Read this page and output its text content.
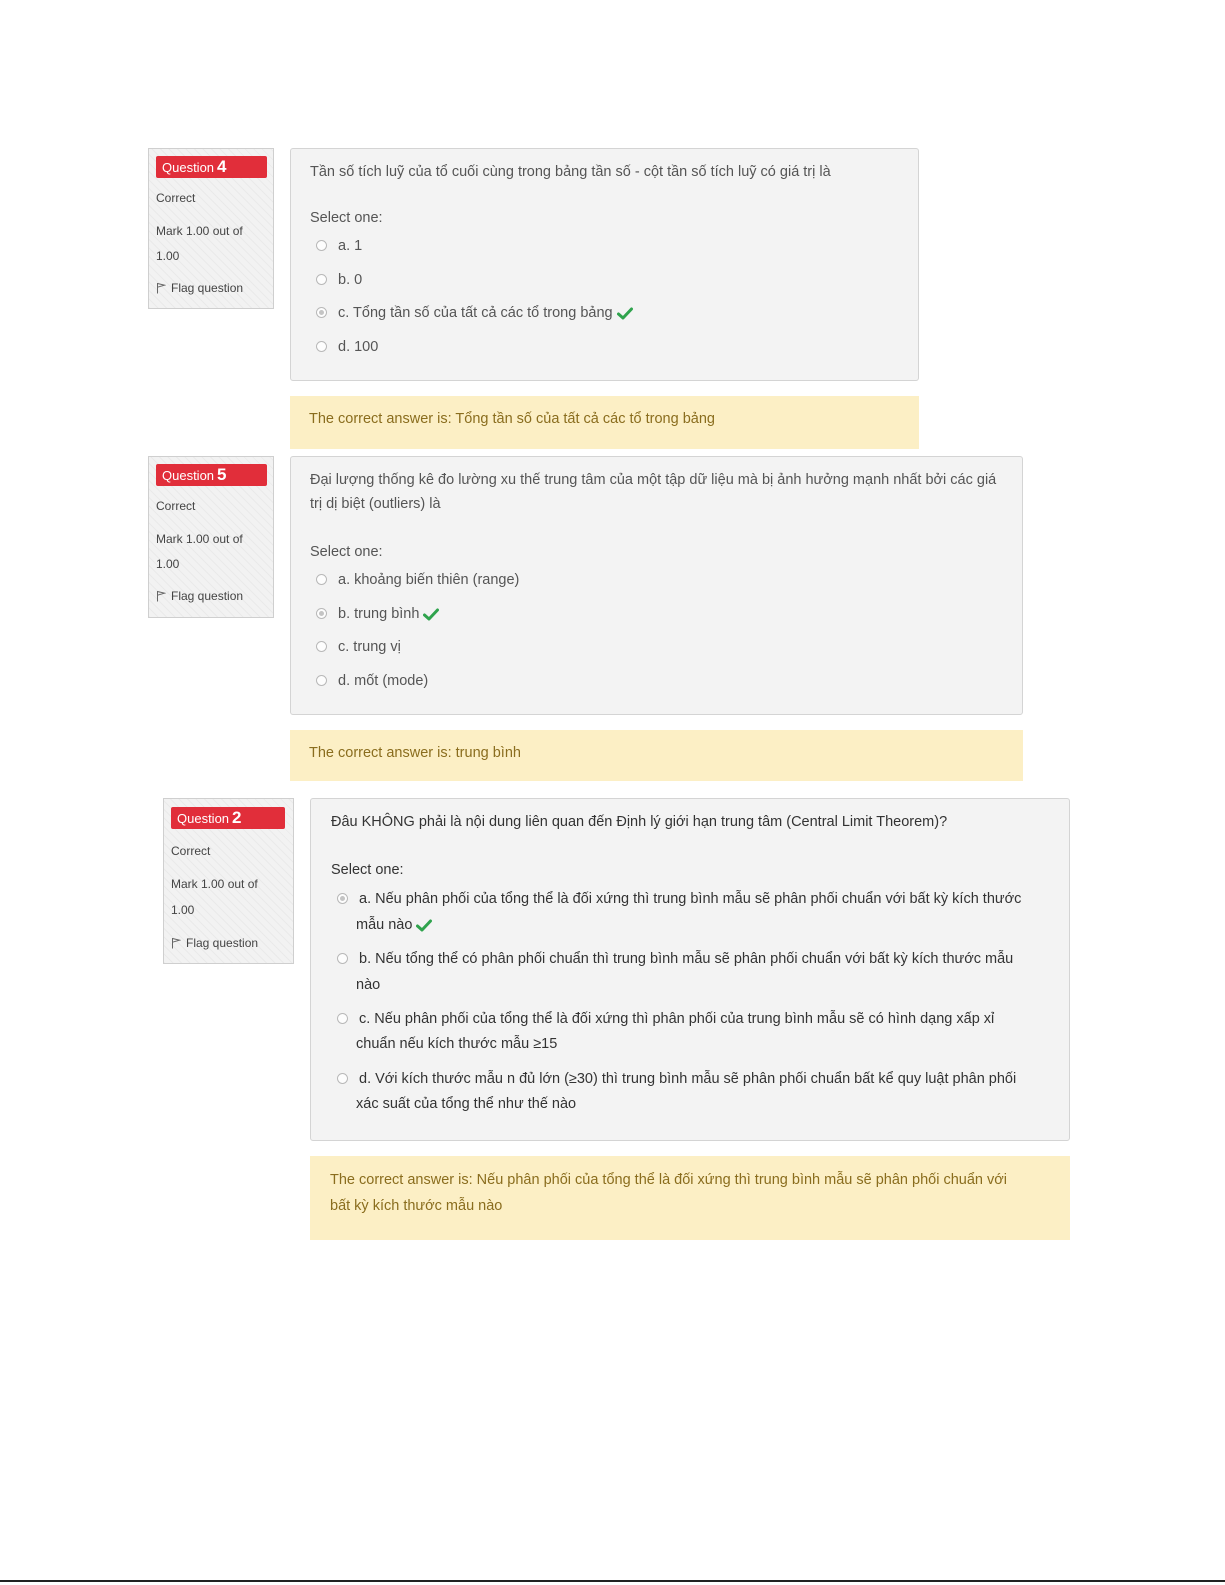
Question 4
Correct
Mark 1.00 out of
1.00
Flag question
Tần số tích luỹ của tổ cuối cùng trong bảng tần số - cột tần số tích luỹ có giá trị là
Select one:
a. 1
b. 0
c. Tổng tần số của tất cả các tổ trong bảng
d. 100
The correct answer is: Tổng tần số của tất cả các tổ trong bảng
Question 5
Correct
Mark 1.00 out of
1.00
Flag question
Đại lượng thống kê đo lường xu thế trung tâm của một tập dữ liệu mà bị ảnh hưởng mạnh nhất bởi các giá
trị dị biệt (outliers) là
Select one:
a. khoảng biến thiên (range)
b. trung bình
c. trung vị
d. mốt (mode)
The correct answer is: trung bình
Question 2
Correct
Mark 1.00 out of
1.00
Flag question
Đâu KHÔNG phải là nội dung liên quan đến Định lý giới hạn trung tâm (Central Limit Theorem)?
Select one:
a. Nếu phân phối của tổng thể là đối xứng thì trung bình mẫu sẽ phân phối chuẩn với bất kỳ kích thước
mẫu nào
b. Nếu tổng thể có phân phối chuẩn thì trung bình mẫu sẽ phân phối chuẩn với bất kỳ kích thước mẫu
nào
c. Nếu phân phối của tổng thể là đối xứng thì phân phối của trung bình mẫu sẽ có hình dạng xấp xỉ
chuẩn nếu kích thước mẫu ≥15
d. Với kích thước mẫu n đủ lớn (≥30) thì trung bình mẫu sẽ phân phối chuẩn bất kể quy luật phân phối
xác suất của tổng thể như thế nào
The correct answer is: Nếu phân phối của tổng thể là đối xứng thì trung bình mẫu sẽ phân phối chuẩn với
bất kỳ kích thước mẫu nào
